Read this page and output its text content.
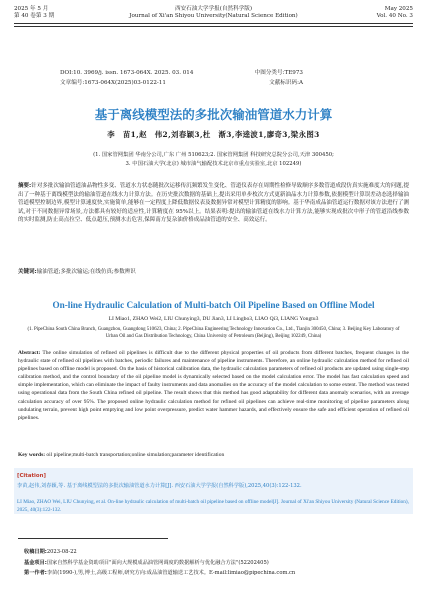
2025 年 5 月
第 40 卷第 3 期
西安石油大学学报(自然科学版)
Journal of Xi'an Shiyou University(Natural Science Edition)
May 2025
Vol. 40 No. 3
DOI:10. 3969/j. issn. 1673-064X. 2025. 03. 014	中图分类号:TE973
文章编号:1673-064X(2025)03-0122-11	文献标识码:A
基于离线模型法的多批次输油管道水力计算
李　苗1,赵　伟2,刘春颖3,杜　渐3,李逵波1,廖奇3,梁永图3
(1. 国家管网集团 华南分公司,广东 广州 510623;2. 国家管网集团 科技研究总院分公司,天津 300450;
3. 中国石油大学(北京) 城市油气输配技术北京市重点实验室,北京 102249)
摘要:针对多批次输油管道油品物性多变、管道水力状态随批次运移传沉频繁发生变化、管道仪表存在周期性检修导致顺序多数管道成段仿真实施难度大的问题,提出了一种基于离线模型法的输油管道在线水力计算方法。在历史批次数据的基础上,提出采用单步枚次方式更新油品水力计算参数,依据模型计算误差动态选择输油管道模型控制边界,模型计算速度快,实施简单,能够在一定程度上降低数据仪表及数据异常对模型计算精度的影响。基于华南成品油管道运行数据对该方法进行了测试,对于不同数据异常场景,方法都具有较好的适应性,计算精度在 95%以上。结果表明:提出的输油管道在线水力计算方法,能够实现成批次中形子的管道沿线参数的实时监测,防止高点拉空、低点超压,预测水击危害,保障南方复杂油价格成品油管道的安全、高效运行。
关键词:输油管道;多批次输运;在线仿真;参数辨识
On-line Hydraulic Calculation of Multi-batch Oil Pipeline Based on Offline Model
LI Miao1, ZHAO Wei2, LIU Chunying3, DU Jian3, LI Lingbo3, LIAO Qi3, LIANG Yongtu3
(1. PipeChina South China Branch, Guangzhou, Guangdong 510623, China; 2. PipeChina Engineering Technology Innovation Co., Ltd., Tianjin 300450, China; 3. Beijing Key Laboratory of Urban Oil and Gas Distribution Technology, China University of Petroleum (Beijing), Beijing 102249, China)
Abstract: The online simulation of refined oil pipelines is difficult due to the different physical properties of oil products from different batches, frequent changes in the hydraulic state of refined oil pipelines with batches, periodic failures and maintenance of pipeline instruments. Therefore, an online hydraulic calculation method for refined oil pipelines based on offline model is proposed. On the basis of historical calibration data, the hydraulic calculation parameters of refined oil products are updated using single-step calibration method, and the control boundary of the oil pipeline model is dynamically selected based on the model calculation error. The model has fast calculation speed and simple implementation, which can eliminate the impact of faulty instruments and data anomalies on the accuracy of the model calculation to some extent. The method was tested using operational data from the South China refined oil pipeline. The result shows that this method has good adaptability for different data anomaly scenarios, with an average calculation accuracy of over 95%. The proposed online hydraulic calculation method for refined oil pipelines can achieve real-time monitoring of pipeline parameters along undulating terrain, prevent high point emptying and low point overpressure, predict water hammer hazards, and effectively ensure the safe and efficient operation of refined oil pipelines.
Key words: oil pipeline;multi-batch transportation;online simulation;parameter identification
[Citation]
李苗,赵伟,刘春颖,等. 基于离线模型法的多批次输油管道水力计算[J]. 西安石油大学学报(自然科学版),2025,40(3):122-132.
LI Miao, ZHAO Wei, LIU Chunying, et al. On-line hydraulic calculation of multi-batch oil pipeline based on offline model[J]. Journal of Xi'an Shiyou University (Natural Science Edition), 2025, 40(3):122-132.
收稿日期:2023-08-22
基金项目:国家自然科学基金资助项目"面向大规模成品油管网调度的数据解析与优化融合方法"(52202405)
第一作者:李苗(1990-),男,博士,高级工程师,研究方向:成品油管道输送工艺技术。E-mail:limiao@pipechina.com.cn
